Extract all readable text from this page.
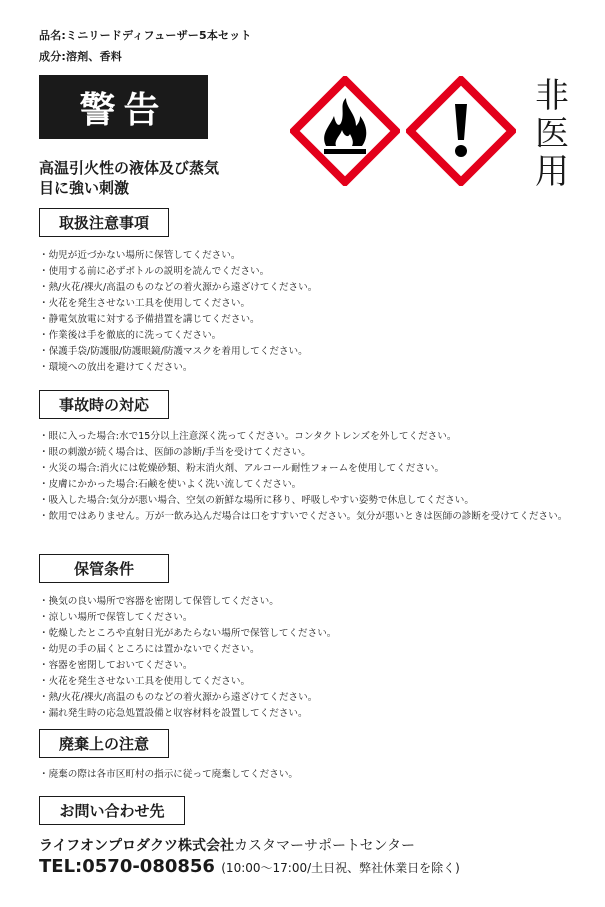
品名:ミニリードディフューザー5本セット
成分:溶剤、香料
警告
高温引火性の液体及び蒸気
目に強い刺激
非
医
用
取扱注意事項
・幼児が近づかない場所に保管してください。
・使用する前に必ずボトルの説明を読んでください。
・熱/火花/裸火/高温のものなどの着火源から遠ざけてください。
・火花を発生させない工具を使用してください。
・静電気放電に対する予備措置を講じてください。
・作業後は手を徹底的に洗ってください。
・保護手袋/防護服/防護眼鏡/防護マスクを着用してください。
・環境への放出を避けてください。
事故時の対応
・眼に入った場合:水で15分以上注意深く洗ってください。コンタクトレンズを外してください。
・眼の刺激が続く場合は、医師の診断/手当を受けてください。
・火災の場合:消火には乾燥砂類、粉末消火剤、アルコール耐性フォームを使用してください。
・皮膚にかかった場合:石鹸を使いよく洗い流してください。
・吸入した場合:気分が悪い場合、空気の新鮮な場所に移り、呼吸しやすい姿勢で休息してください。
・飲用ではありません。万が一飲み込んだ場合は口をすすいでください。気分が悪いときは医師の診断を受けてください。
保管条件
・換気の良い場所で容器を密閉して保管してください。
・涼しい場所で保管してください。
・乾燥したところや直射日光があたらない場所で保管してください。
・幼児の手の届くところには置かないでください。
・容器を密閉しておいてください。
・火花を発生させない工具を使用してください。
・熱/火花/裸火/高温のものなどの着火源から遠ざけてください。
・漏れ発生時の応急処置設備と収容材料を設置してください。
廃棄上の注意
・廃棄の際は各市区町村の指示に従って廃棄してください。
お問い合わせ先
ライフオンプロダクツ株式会社カスタマーサポートセンター
TEL:0570-080856 (10:00〜17:00/土日祝、弊社休業日を除く)
